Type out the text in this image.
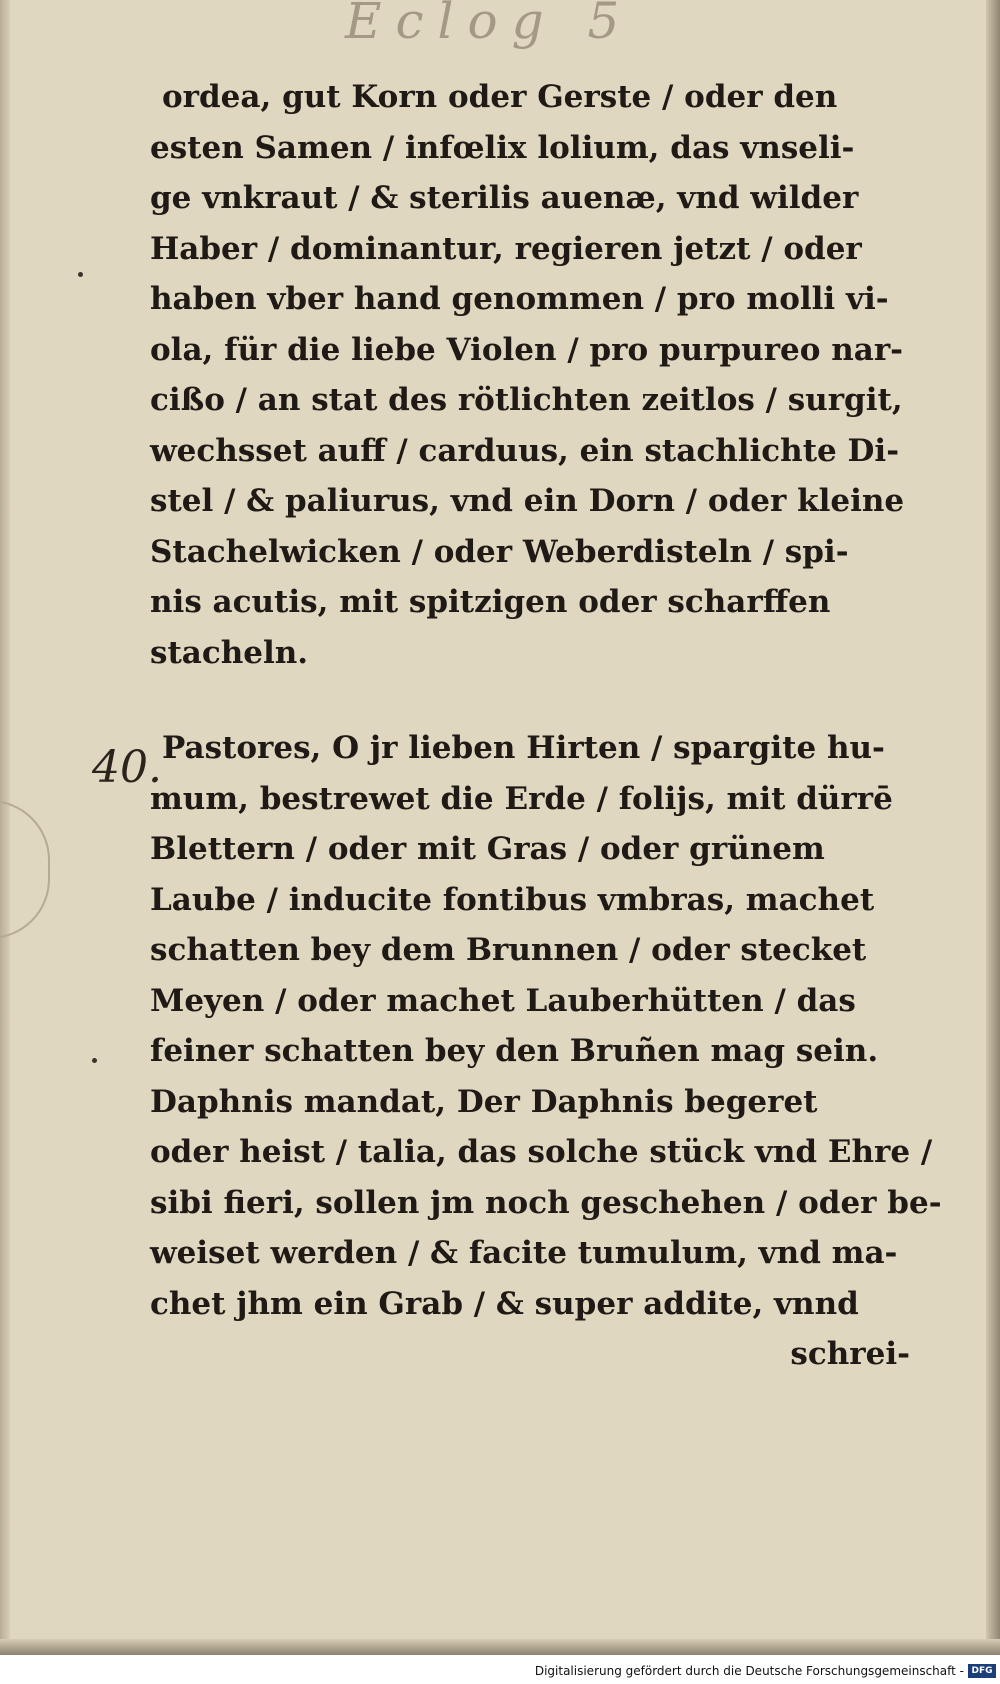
Eclog 5
40.
ordea, gut Korn oder Gerste / oder den
esten Samen / infœlix lolium, das vnseli-
ge vnkraut / & sterilis auenæ, vnd wilder
Haber / dominantur, regieren jetzt / oder
haben vber hand genommen / pro molli vi-
ola, für die liebe Violen / pro purpureo nar-
cißo / an stat des rötlichten zeitlos / surgit,
wechsset auff / carduus, ein stachlichte Di-
stel / & paliurus, vnd ein Dorn / oder kleine
Stachelwicken / oder Weberdisteln / spi-
nis acutis, mit spitzigen oder scharffen
stacheln.
Pastores, O jr lieben Hirten / spargite hu-
mum, bestrewet die Erde / folijs, mit dürrē
Blettern / oder mit Gras / oder grünem
Laube / inducite fontibus vmbras, machet
schatten bey dem Brunnen / oder stecket
Meyen / oder machet Lauberhütten / das
feiner schatten bey den Bruñen mag sein.
Daphnis mandat, Der Daphnis begeret
oder heist / talia, das solche stück vnd Ehre /
sibi fieri, sollen jm noch geschehen / oder be-
weiset werden / & facite tumulum, vnd ma-
chet jhm ein Grab / & super addite, vnnd
schrei-
Digitalisierung gefördert durch die Deutsche Forschungsgemeinschaft - DFG
